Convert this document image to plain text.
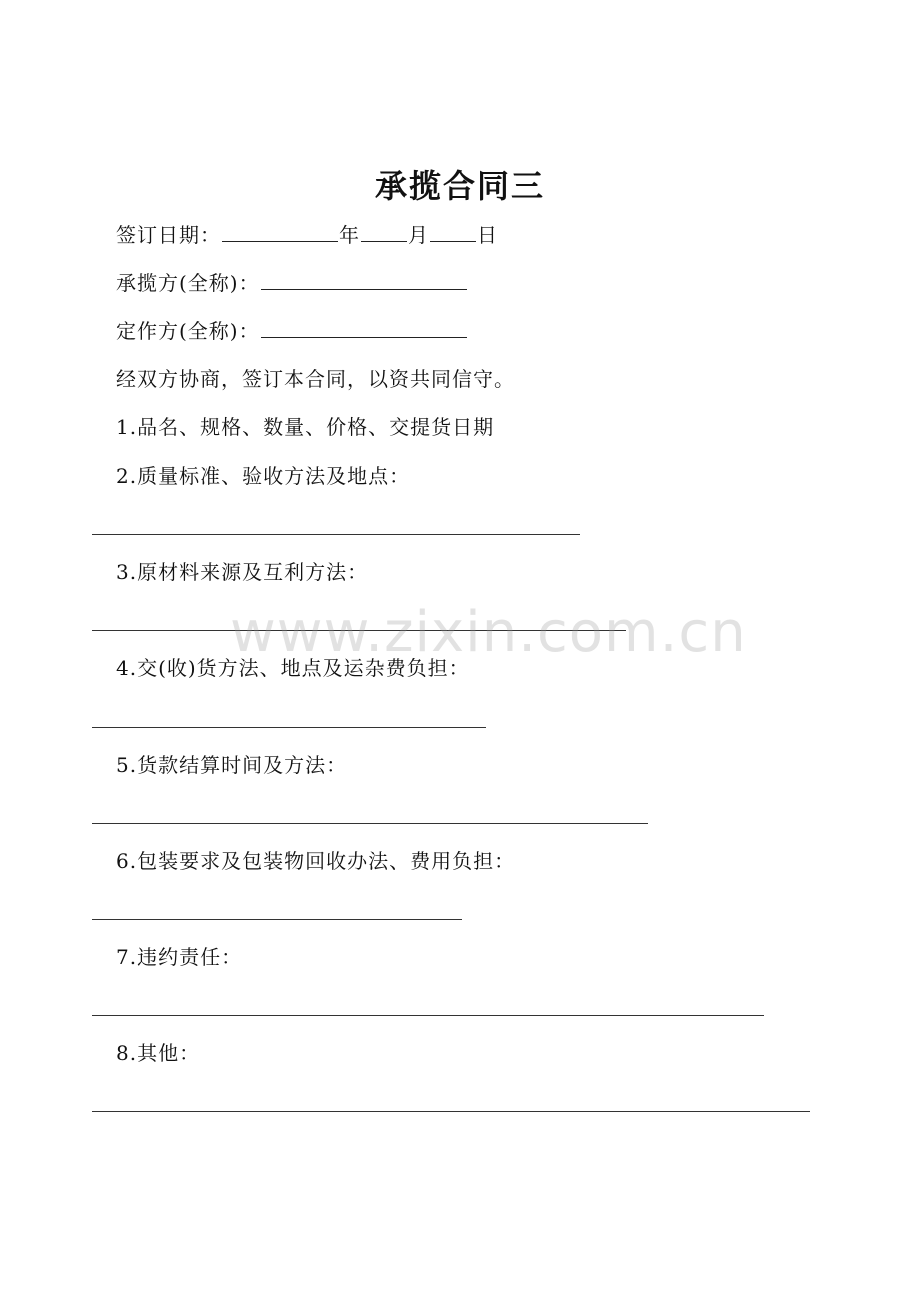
承揽合同三
签订日期：	年 月 日
承揽方(全称)：
定作方(全称)：
经双方协商，签订本合同，以资共同信守。
1.品名、规格、数量、价格、交提货日期
2.质量标准、验收方法及地点：
3.原材料来源及互利方法：
4.交(收)货方法、地点及运杂费负担：
5.货款结算时间及方法：
6.包装要求及包装物回收办法、费用负担：
7.违约责任：
8.其他：
www.zixin.com.cn
